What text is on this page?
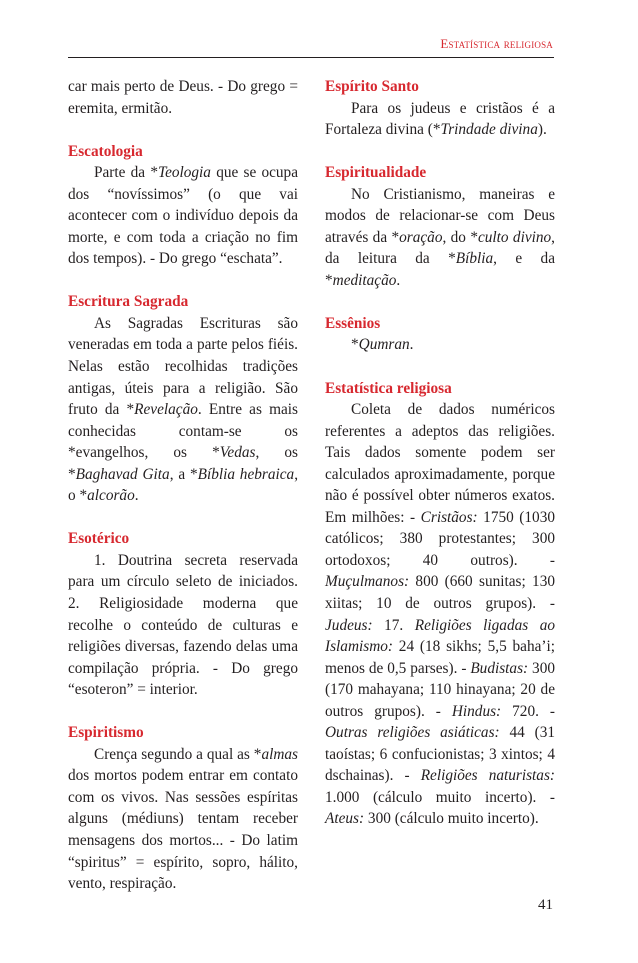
Estatística religiosa

car mais perto de Deus. - Do grego = eremita, ermitão.

Escatologia

Parte da *Teologia que se ocupa dos “novíssimos” (o que vai acontecer com o indivíduo depois da morte, e com toda a criação no fim dos tempos). - Do grego “eschata”.

Escritura Sagrada

As Sagradas Escrituras são veneradas em toda a parte pelos fiéis. Nelas estão recolhidas tradições antigas, úteis para a religião. São fruto da *Revelação. Entre as mais conhecidas contam-se os *evangelhos, os *Vedas, os *Baghavad Gita, a *Bíblia hebraica, o *alcorão.

Esotérico

1. Doutrina secreta reservada para um círculo seleto de iniciados. 2. Religiosidade moderna que recolhe o conteúdo de culturas e religiões diversas, fazendo delas uma compilação própria. - Do grego “esoteron” = interior.

Espiritismo

Crença segundo a qual as *almas dos mortos podem entrar em contato com os vivos. Nas sessões espíritas alguns (médiuns) tentam receber mensagens dos mortos... - Do latim “spiritus” = espírito, sopro, hálito, vento, respiração.

Espírito Santo

Para os judeus e cristãos é a Fortaleza divina (*Trindade divina).

Espiritualidade

No Cristianismo, maneiras e modos de relacionar-se com Deus através da *oração, do *culto divino, da leitura da *Bíblia, e da *meditação.

Essênios

*Qumran.

Estatística religiosa

Coleta de dados numéricos referentes a adeptos das religiões. Tais dados somente podem ser calculados aproximadamente, porque não é possível obter números exatos. Em milhões: - Cristãos: 1750 (1030 católicos; 380 protestantes; 300 ortodoxos; 40 outros). - Muçulmanos: 800 (660 sunitas; 130 xiitas; 10 de outros grupos). - Judeus: 17. Religiões ligadas ao Islamismo: 24 (18 sikhs; 5,5 baha’i; menos de 0,5 parses). - Budistas: 300 (170 mahayana; 110 hinayana; 20 de outros grupos). - Hindus: 720. - Outras religiões asiáticas: 44 (31 taoístas; 6 confucionistas; 3 xintos; 4 dschainas). - Religiões naturistas: 1.000 (cálculo muito incerto). - Ateus: 300 (cálculo muito incerto).

41
